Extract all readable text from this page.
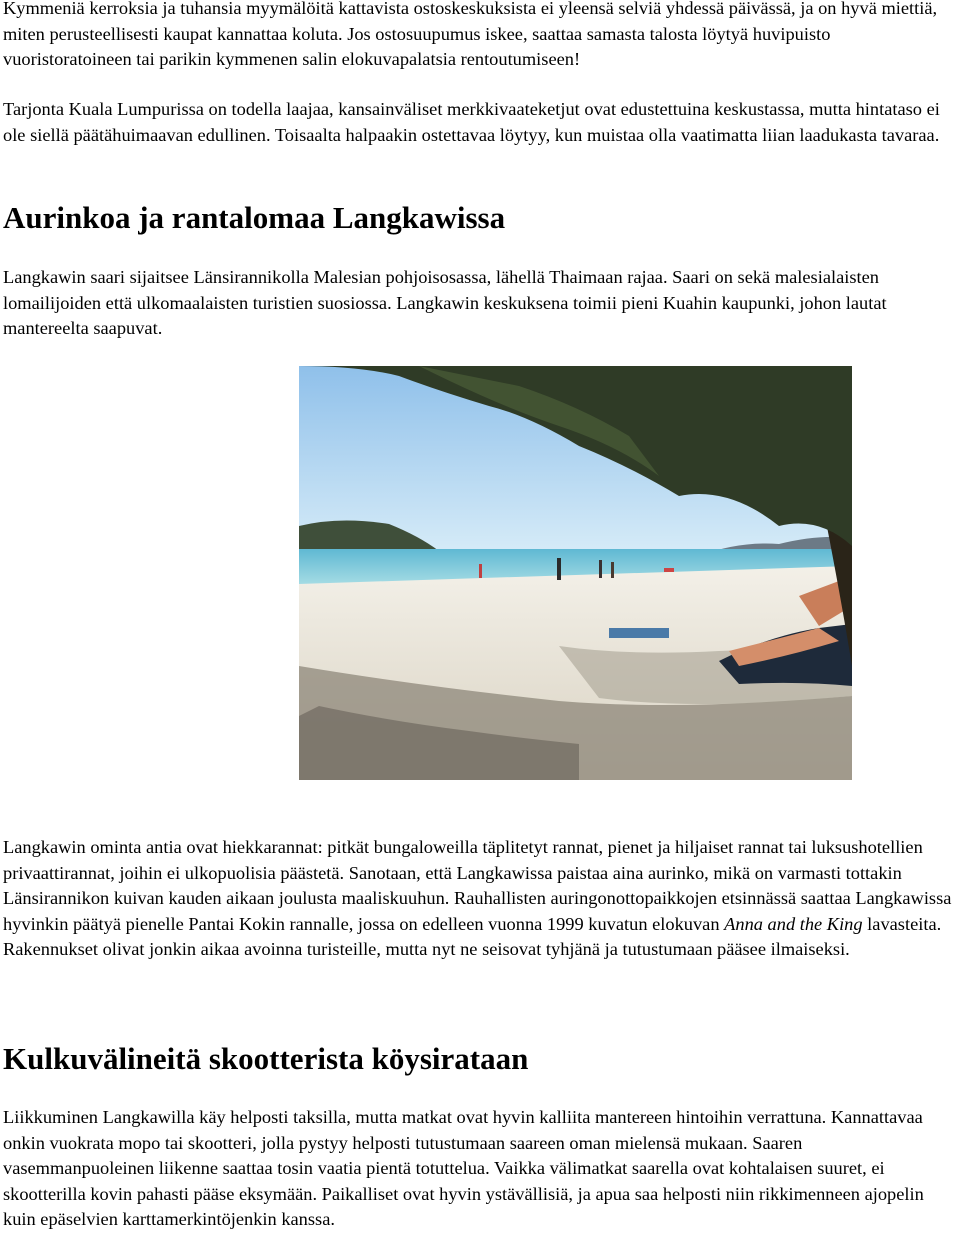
Kymmeniä kerroksia ja tuhansia myymälöitä kattavista ostoskeskuksista ei yleensä selviä yhdessä päivässä, ja on hyvä miettiä, miten perusteellisesti kaupat kannattaa koluta. Jos ostosuupumus iskee, saattaa samasta talosta löytyä huvipuisto vuoristoratoineen tai parikin kymmenen salin elokuvapalatsia rentoutumiseen!

Tarjonta Kuala Lumpurissa on todella laajaa, kansainväliset merkkivaateketjut ovat edustettuina keskustassa, mutta hintataso ei ole siellä päätähuimaavan edullinen. Toisaalta halpaakin ostettavaa löytyy, kun muistaa olla vaatimatta liian laadukasta tavaraa.

Aurinkoa ja rantalomaa Langkawissa

Langkawin saari sijaitsee Länsirannikolla Malesian pohjoisosassa, lähellä Thaimaan rajaa. Saari on sekä malesialaisten lomailijoiden että ulkomaalaisten turistien suosiossa. Langkawin keskuksena toimii pieni Kuahin kaupunki, johon lautat mantereelta saapuvat.

Langkawin ominta antia ovat hiekkarannat: pitkät bungaloweilla täplitetyt rannat, pienet ja hiljaiset rannat tai luksushotellien privaattirannat, joihin ei ulkopuolisia päästetä. Sanotaan, että Langkawissa paistaa aina aurinko, mikä on varmasti tottakin Länsirannikon kuivan kauden aikaan joulusta maaliskuuhun. Rauhallisten auringonottopaikkojen etsinnässä saattaa Langkawissa hyvinkin päätyä pienelle Pantai Kokin rannalle, jossa on edelleen vuonna 1999 kuvatun elokuvan Anna and the King lavasteita. Rakennukset olivat jonkin aikaa avoinna turisteille, mutta nyt ne seisovat tyhjänä ja tutustumaan pääsee ilmaiseksi.

Kulkuvälineitä skootterista köysirataan

Liikkuminen Langkawilla käy helposti taksilla, mutta matkat ovat hyvin kalliita mantereen hintoihin verrattuna. Kannattavaa onkin vuokrata mopo tai skootteri, jolla pystyy helposti tutustumaan saareen oman mielensä mukaan. Saaren vasemmanpuoleinen liikenne saattaa tosin vaatia pientä totuttelua. Vaikka välimatkat saarella ovat kohtalaisen suuret, ei skootterilla kovin pahasti pääse eksymään. Paikalliset ovat hyvin ystävällisiä, ja apua saa helposti niin rikkimenneen ajopelin kuin epäselvien karttamerkintöjenkin kanssa.
